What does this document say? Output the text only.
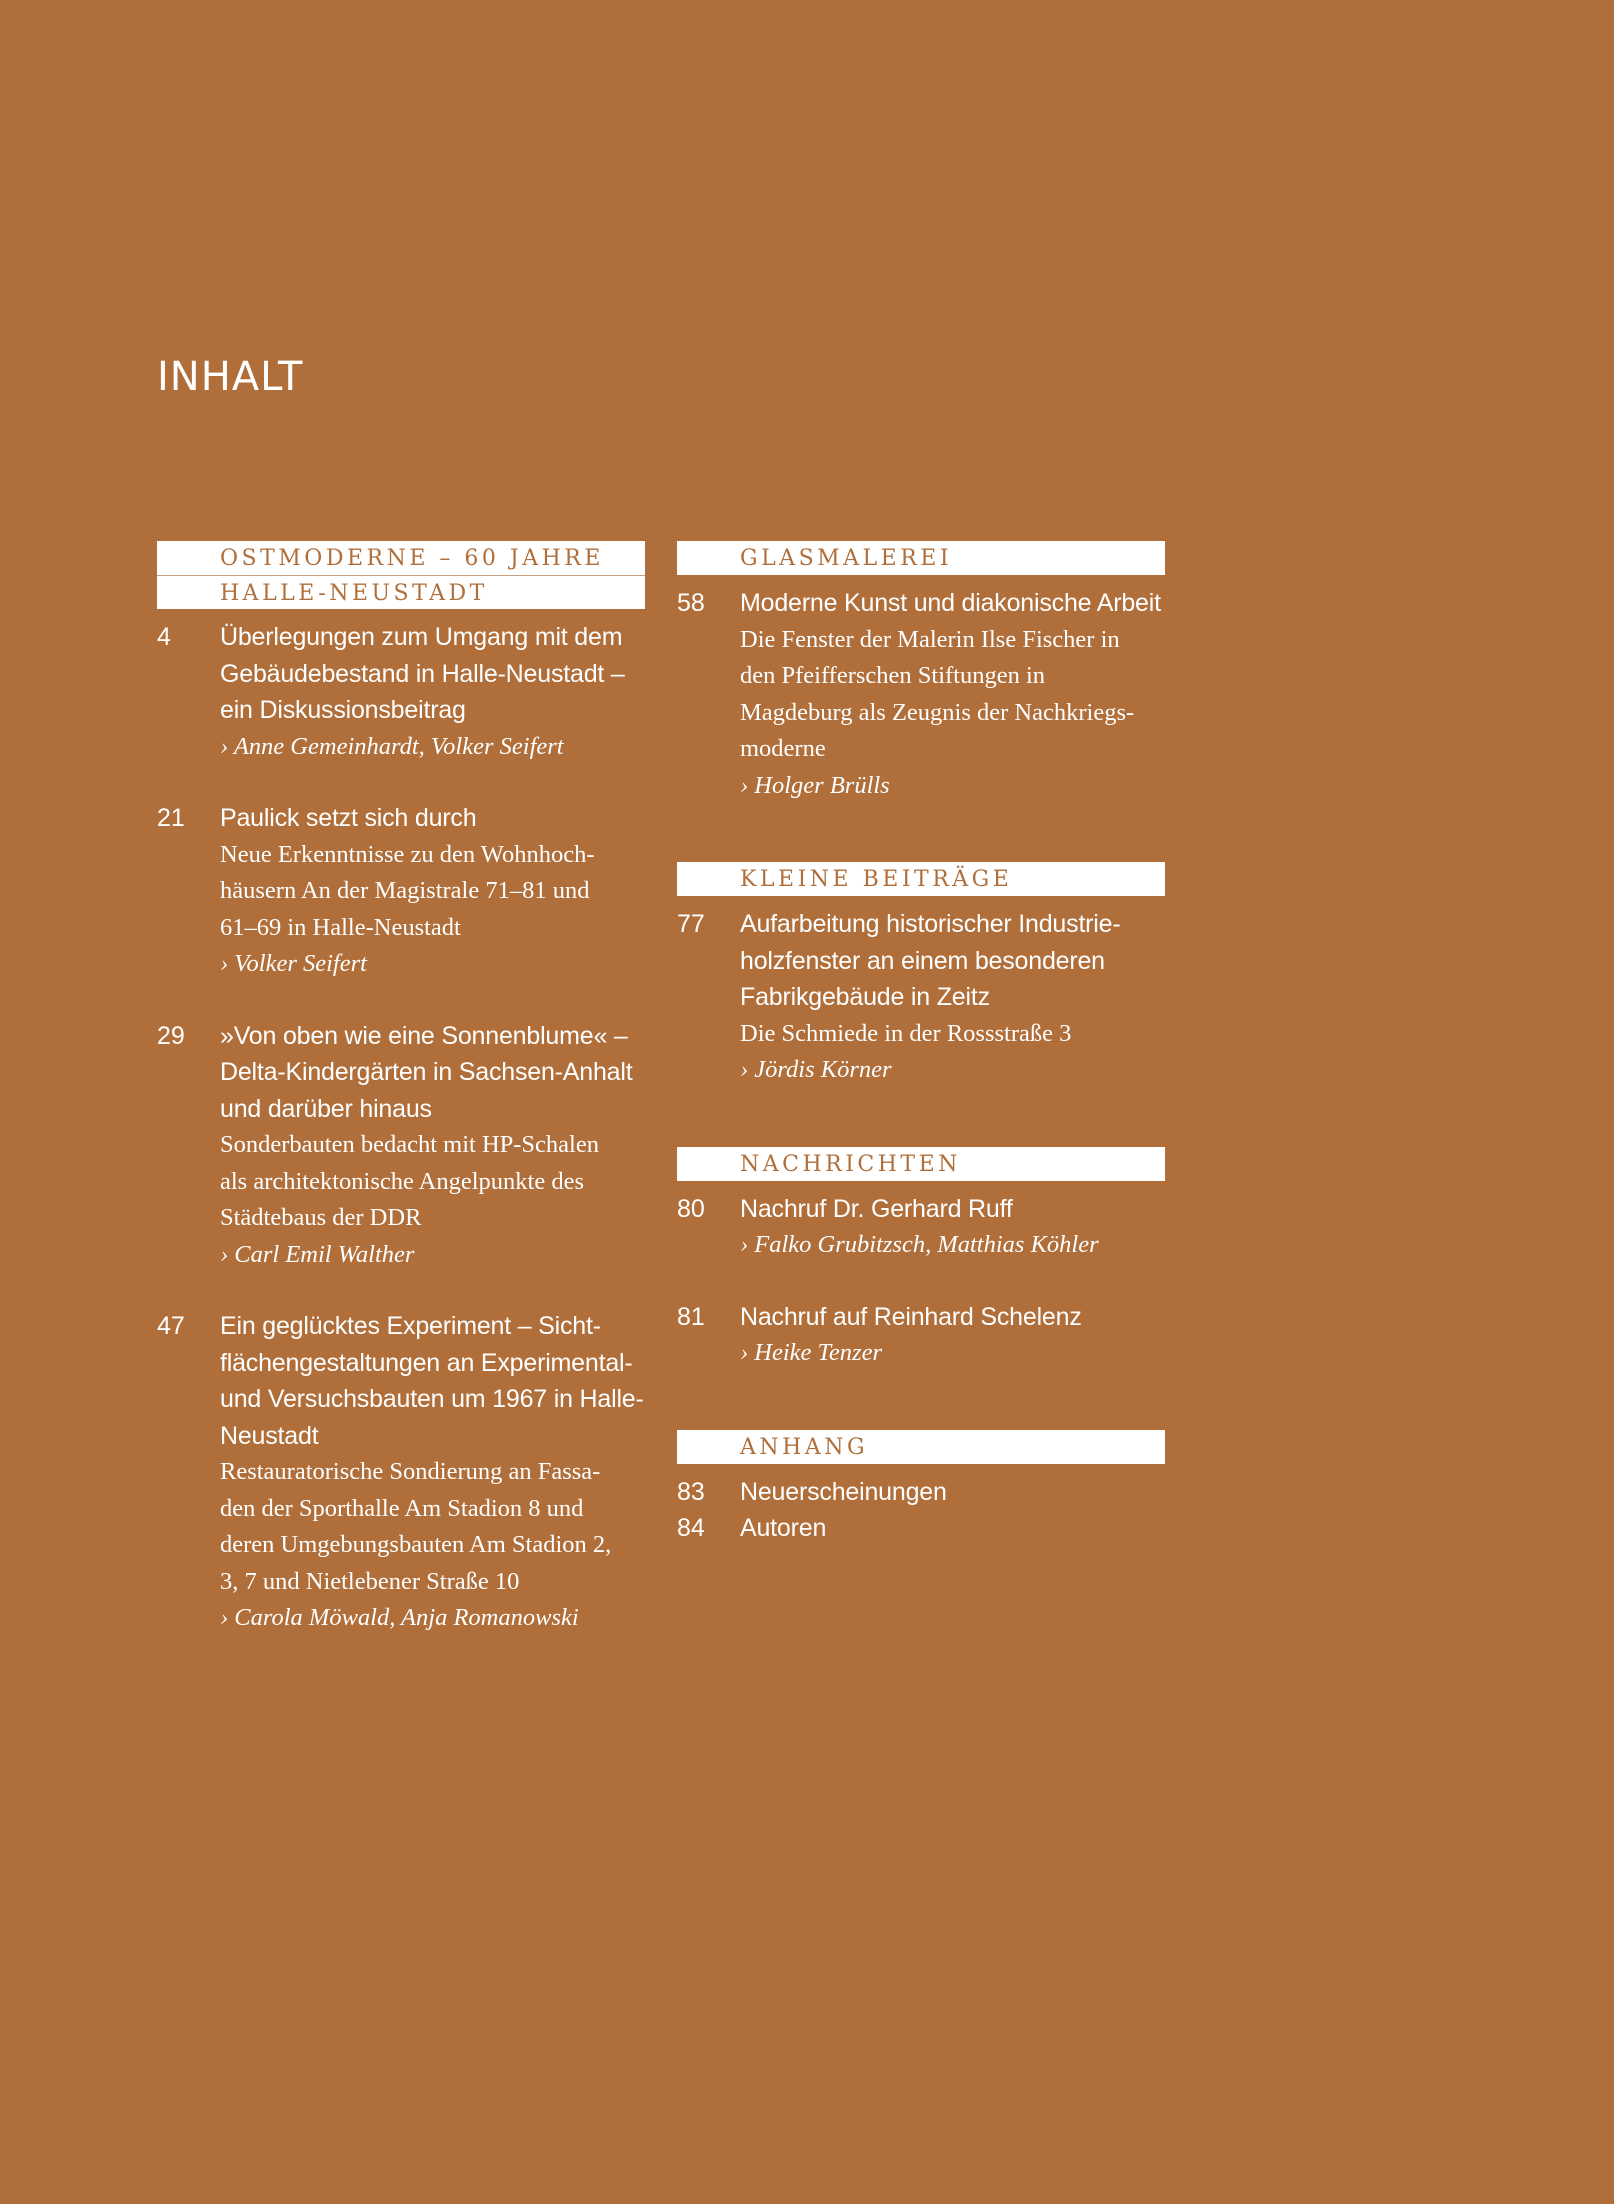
INHALT
OSTMODERNE – 60 JAHRE
HALLE-NEUSTADT
4	Überlegungen zum Umgang mit dem
Gebäudebestand in Halle-Neustadt –
ein Diskussionsbeitrag
› Anne Gemeinhardt, Volker Seifert
21	Paulick setzt sich durch
Neue Erkenntnisse zu den Wohnhoch-
häusern An der Magistrale 71–81 und
61–69 in Halle-Neustadt
› Volker Seifert
29	»Von oben wie eine Sonnenblume« –
Delta-Kindergärten in Sachsen-Anhalt
und darüber hinaus
Sonderbauten bedacht mit HP-Schalen
als architektonische Angelpunkte des
Städtebaus der DDR
› Carl Emil Walther
47	Ein geglücktes Experiment – Sicht-
flächengestaltungen an Experimental-
und Versuchsbauten um 1967 in Halle-
Neustadt
Restauratorische Sondierung an Fassa-
den der Sporthalle Am Stadion 8 und
deren Umgebungsbauten Am Stadion 2,
3, 7 und Nietlebener Straße 10
› Carola Möwald, Anja Romanowski
GLASMALEREI
58	Moderne Kunst und diakonische Arbeit
Die Fenster der Malerin Ilse Fischer in
den Pfeifferschen Stiftungen in
Magdeburg als Zeugnis der Nachkriegs-
moderne
› Holger Brülls
KLEINE BEITRÄGE
77	Aufarbeitung historischer Industrie-
holzfenster an einem besonderen
Fabrikgebäude in Zeitz
Die Schmiede in der Rossstraße 3
› Jördis Körner
NACHRICHTEN
80	Nachruf Dr. Gerhard Ruff
› Falko Grubitzsch, Matthias Köhler
81	Nachruf auf Reinhard Schelenz
› Heike Tenzer
ANHANG
83	Neuerscheinungen
84	Autoren
